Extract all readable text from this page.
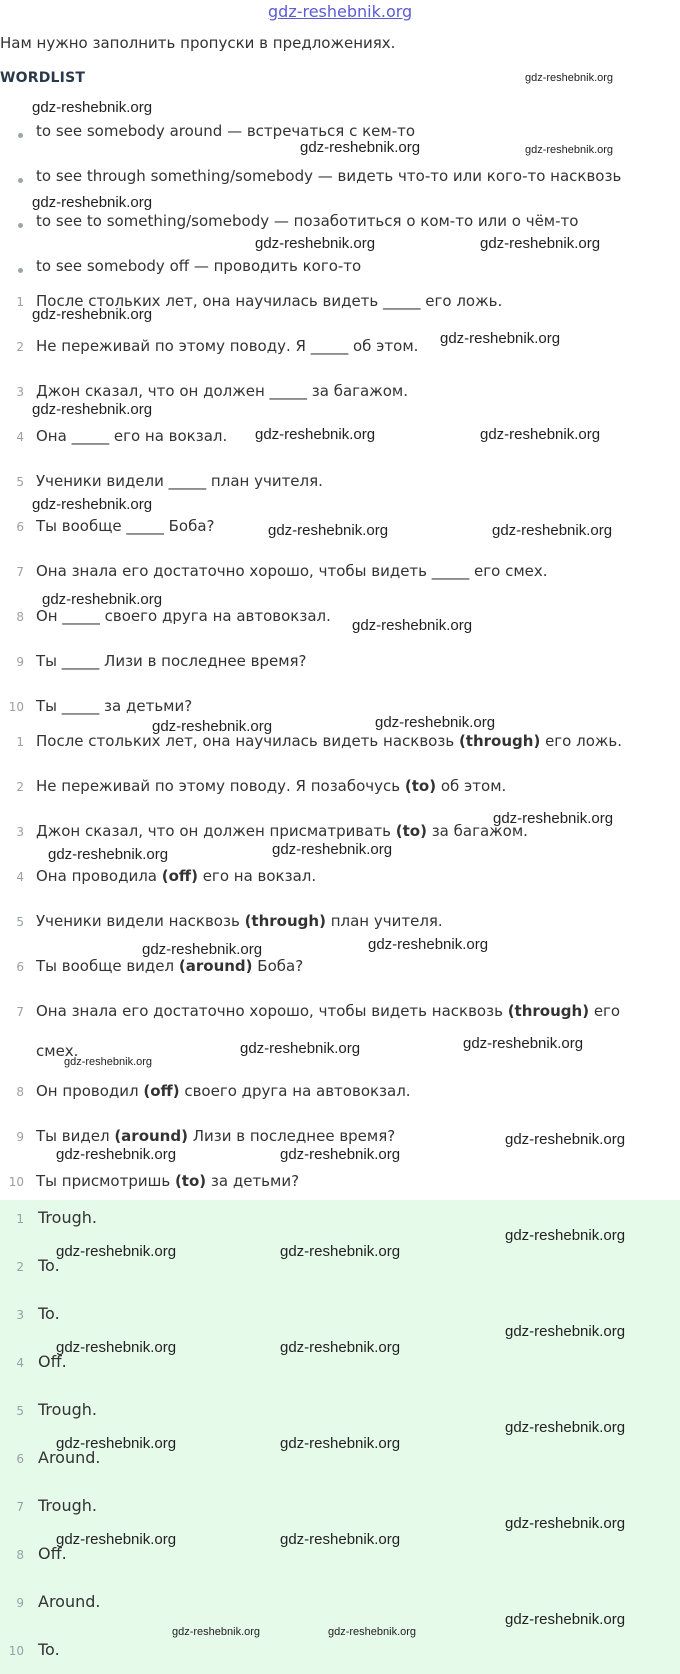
gdz-reshebnik.org
Нам нужно заполнить пропуски в предложениях.
WORDLIST
to see somebody around — встречаться с кем-то
to see through something/somebody — видеть что-то или кого-то насквозь
to see to something/somebody — позаботиться о ком-то или о чём-то
to see somebody off — проводить кого-то
1 После стольких лет, она научилась видеть _____ его ложь.
2 Не переживай по этому поводу. Я _____ об этом.
3 Джон сказал, что он должен _____ за багажом.
4 Она _____ его на вокзал.
5 Ученики видели _____ план учителя.
6 Ты вообще _____ Боба?
7 Она знала его достаточно хорошо, чтобы видеть _____ его смех.
8 Он _____ своего друга на автовокзал.
9 Ты _____ Лизи в последнее время?
10 Ты _____ за детьми?
1 После стольких лет, она научилась видеть насквозь (through) его ложь.
2 Не переживай по этому поводу. Я позабочусь (to) об этом.
3 Джон сказал, что он должен присматривать (to) за багажом.
4 Она проводила (off) его на вокзал.
5 Ученики видели насквозь (through) план учителя.
6 Ты вообще видел (around) Боба?
7 Она знала его достаточно хорошо, чтобы видеть насквозь (through) его
смех.
8 Он проводил (off) своего друга на автовокзал.
9 Ты видел (around) Лизи в последнее время?
10 Ты присмотришь (to) за детьми?
1 Trough.
2 To.
3 To.
4 Off.
5 Trough.
6 Around.
7 Trough.
8 Off.
9 Around.
10 To.
gdz-reshebnik.org
gdz-reshebnik.org
gdz-reshebnik.org	gdz-reshebnik.org
gdz-reshebnik.org
gdz-reshebnik.org	gdz-reshebnik.org
gdz-reshebnik.org
gdz-reshebnik.org
gdz-reshebnik.org
gdz-reshebnik.org	gdz-reshebnik.org
gdz-reshebnik.org
gdz-reshebnik.org	gdz-reshebnik.org
gdz-reshebnik.org
gdz-reshebnik.org
gdz-reshebnik.org	gdz-reshebnik.org
gdz-reshebnik.org
gdz-reshebnik.org	gdz-reshebnik.org
gdz-reshebnik.org	gdz-reshebnik.org
gdz-reshebnik.org	gdz-reshebnik.org
gdz-reshebnik.org
gdz-reshebnik.org
gdz-reshebnik.org	gdz-reshebnik.org
gdz-reshebnik.org
gdz-reshebnik.org	gdz-reshebnik.org
gdz-reshebnik.org
gdz-reshebnik.org	gdz-reshebnik.org
gdz-reshebnik.org
gdz-reshebnik.org	gdz-reshebnik.org
gdz-reshebnik.org
gdz-reshebnik.org	gdz-reshebnik.org
gdz-reshebnik.org
gdz-reshebnik.org	gdz-reshebnik.org
